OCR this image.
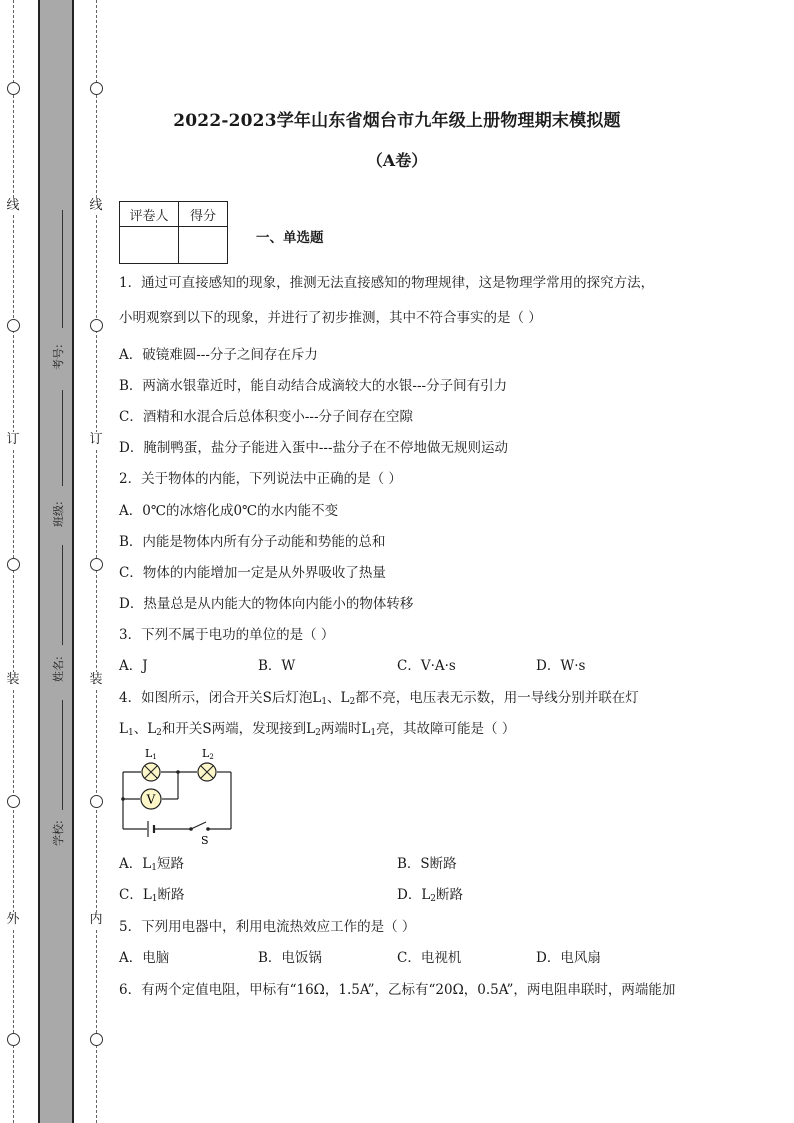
线
订
装
外
线
订
装
内
考号:
班级:
姓名:
学校:
2022-2023学年山东省烟台市九年级上册物理期末模拟题
（A卷）
评卷人	得分

一、单选题
1．通过可直接感知的现象，推测无法直接感知的物理规律，这是物理学常用的探究方法，
小明观察到以下的现象，并进行了初步推测，其中不符合事实的是（ ）
A．破镜难圆---分子之间存在斥力
B．两滴水银靠近时，能自动结合成滴较大的水银---分子间有引力
C．酒精和水混合后总体积变小---分子间存在空隙
D．腌制鸭蛋，盐分子能进入蛋中---盐分子在不停地做无规则运动
2．关于物体的内能，下列说法中正确的是（ ）
A．0℃的冰熔化成0℃的水内能不变
B．内能是物体内所有分子动能和势能的总和
C．物体的内能增加一定是从外界吸收了热量
D．热量总是从内能大的物体向内能小的物体转移
3．下列不属于电功的单位的是（ ）
A．J	B．W	C．V·A·s	D．W·s
4．如图所示，闭合开关S后灯泡$L_1$、$L_2$都不亮，电压表无示数，用一导线分别并联在灯
$L_1$、$L_2$和开关S两端，发现接到$L_2$两端时$L_1$亮，其故障可能是（ ）
V
L1	L2
S
A．$L_1$短路	B．S断路
C．$L_1$断路	D．$L_2$断路
5．下列用电器中，利用电流热效应工作的是（ ）
A．电脑	B．电饭锅	C．电视机	D．电风扇
6．有两个定值电阻，甲标有“16Ω，1.5A”，乙标有“20Ω，0.5A”，两电阻串联时，两端能加
